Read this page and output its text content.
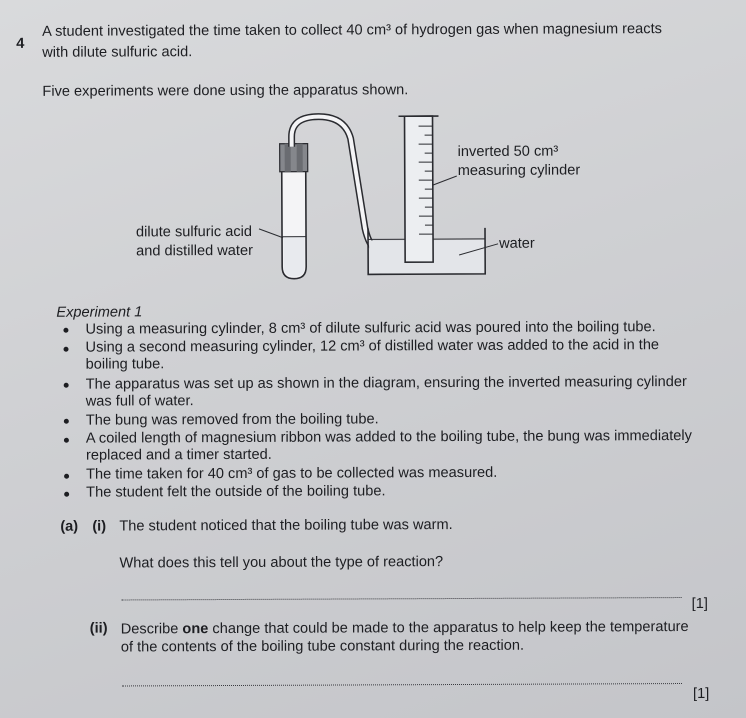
4
A student investigated the time taken to collect 40 cm³ of hydrogen gas when magnesium reacts
with dilute sulfuric acid.
Five experiments were done using the apparatus shown.
dilute sulfuric acid
and distilled water
inverted 50 cm³
measuring cylinder
water
Experiment 1
Using a measuring cylinder, 8 cm³ of dilute sulfuric acid was poured into the boiling tube.
Using a second measuring cylinder, 12 cm³ of distilled water was added to the acid in the
boiling tube.
The apparatus was set up as shown in the diagram, ensuring the inverted measuring cylinder
was full of water.
The bung was removed from the boiling tube.
A coiled length of magnesium ribbon was added to the boiling tube, the bung was immediately
replaced and a timer started.
The time taken for 40 cm³ of gas to be collected was measured.
The student felt the outside of the boiling tube.
(a) (i) The student noticed that the boiling tube was warm.
What does this tell you about the type of reaction?
[1]
(ii) Describe one change that could be made to the apparatus to help keep the temperature
of the contents of the boiling tube constant during the reaction.
[1]
